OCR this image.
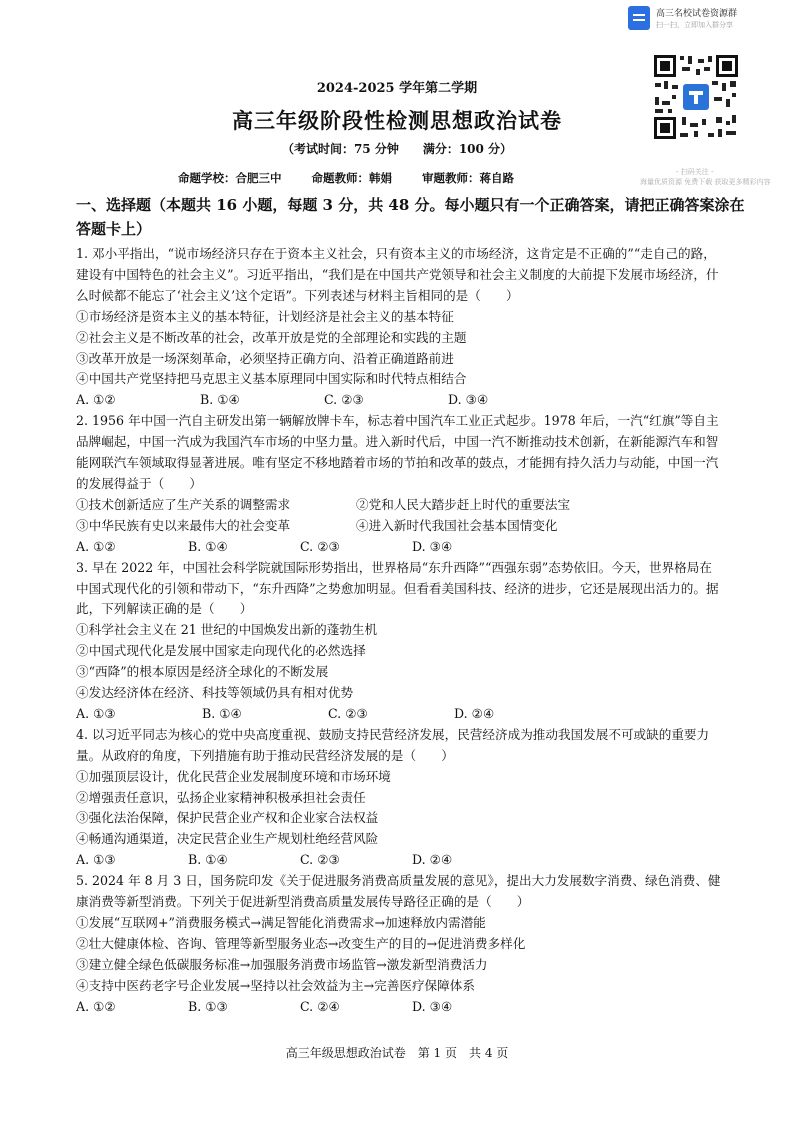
高三名校试卷资源群
扫一扫，立即加入群分享
- 扫码关注 -
海量优质资源 免费下载 获取更多精彩内容
2024-2025 学年第二学期
高三年级阶段性检测思想政治试卷
（考试时间：75 分钟　　满分：100 分）
命题学校：合肥三中	命题教师：韩娟	审题教师：蒋自路
一、选择题（本题共 16 小题，每题 3 分，共 48 分。每小题只有一个正确答案，请把正确答案涂在答题卡上）

1. 邓小平指出，“说市场经济只存在于资本主义社会，只有资本主义的市场经济，这肯定是不正确的”“走自己的路，建设有中国特色的社会主义”。习近平指出，“我们是在中国共产党领导和社会主义制度的大前提下发展市场经济，什么时候都不能忘了‘社会主义’这个定语”。下列表述与材料主旨相同的是（　　）

①市场经济是资本主义的基本特征，计划经济是社会主义的基本特征

②社会主义是不断改革的社会，改革开放是党的全部理论和实践的主题

③改革开放是一场深刻革命，必须坚持正确方向、沿着正确道路前进

④中国共产党坚持把马克思主义基本原理同中国实际和时代特点相结合

A. ①②	B. ①④	C. ②③	D. ③④

2. 1956 年中国一汽自主研发出第一辆解放牌卡车，标志着中国汽车工业正式起步。1978 年后，一汽“红旗”等自主品牌崛起，中国一汽成为我国汽车市场的中坚力量。进入新时代后，中国一汽不断推动技术创新，在新能源汽车和智能网联汽车领域取得显著进展。唯有坚定不移地踏着市场的节拍和改革的鼓点，才能拥有持久活力与动能，中国一汽的发展得益于（　　）

①技术创新适应了生产关系的调整需求	②党和人民大踏步赶上时代的重要法宝
③中华民族有史以来最伟大的社会变革	④进入新时代我国社会基本国情变化
A. ①②	B. ①④	C. ②③	D. ③④

3. 早在 2022 年，中国社会科学院就国际形势指出，世界格局“东升西降”“西强东弱”态势依旧。今天，世界格局在中国式现代化的引领和带动下，“东升西降”之势愈加明显。但看看美国科技、经济的进步，它还是展现出活力的。据此，下列解读正确的是（　　）

①科学社会主义在 21 世纪的中国焕发出新的蓬勃生机

②中国式现代化是发展中国家走向现代化的必然选择

③“西降”的根本原因是经济全球化的不断发展

④发达经济体在经济、科技等领域仍具有相对优势

A. ①③	B. ①④	C. ②③	D. ②④

4. 以习近平同志为核心的党中央高度重视、鼓励支持民营经济发展，民营经济成为推动我国发展不可或缺的重要力量。从政府的角度，下列措施有助于推动民营经济发展的是（　　）

①加强顶层设计，优化民营企业发展制度环境和市场环境

②增强责任意识，弘扬企业家精神积极承担社会责任

③强化法治保障，保护民营企业产权和企业家合法权益

④畅通沟通渠道，决定民营企业生产规划杜绝经营风险

A. ①③	B. ①④	C. ②③	D. ②④

5. 2024 年 8 月 3 日，国务院印发《关于促进服务消费高质量发展的意见》，提出大力发展数字消费、绿色消费、健康消费等新型消费。下列关于促进新型消费高质量发展传导路径正确的是（　　）

①发展“互联网+”消费服务模式→满足智能化消费需求→加速释放内需潜能

②壮大健康体检、咨询、管理等新型服务业态→改变生产的目的→促进消费多样化

③建立健全绿色低碳服务标准→加强服务消费市场监管→激发新型消费活力

④支持中医药老字号企业发展→坚持以社会效益为主→完善医疗保障体系

A. ①②	B. ①③	C. ②④	D. ③④
高三年级思想政治试卷　第 1 页　共 4 页
